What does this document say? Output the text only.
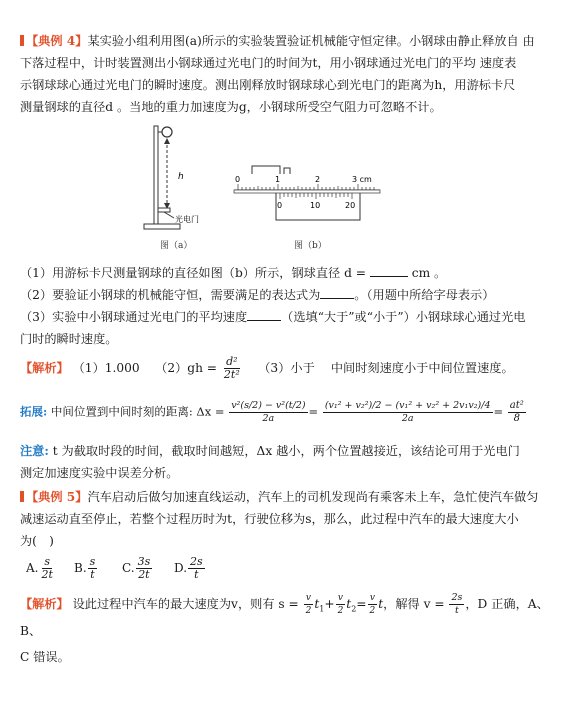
【典例 4】某实验小组利用图(a)所示的实验装置验证机械能守恒定律。小钢球由静止释放自 由
下落过程中，计时装置测出小钢球通过光电门的时间为t，用小钢球通过光电门的平均 速度表
示钢球球心通过光电门的瞬时速度。测出刚释放时钢球球心到光电门的距离为h，用游标卡尺
测量钢球的直径d 。当地的重力加速度为g，小钢球所受空气阻力可忽略不计。
h
光电门
图（a）
0	1	2	3 cm
0	10	20
图（b）
（1）用游标卡尺测量钢球的直径如图（b）所示，钢球直径 d =	cm 。
（2）要验证小钢球的机械能守恒，需要满足的表达式为	。（用题中所给字母表示）
（3）实验中小钢球通过光电门的平均速度	（选填“大于”或“小于”）小钢球球心通过光电
门时的瞬时速度。
【解析】 （1）1.000 $(2)gh = \frac{\text{d²}}{\text{2t²}} (3)$小于　 中间时刻速度小于中间位置速度。
拓展: 中间位置到中间时刻的距离: $\Delta x = \frac{\text{v²(s/2) − v²(t/2)}}{2a} = \frac{\text{(v₁² + v₂²)/2 − (v₁² + v₂² + 2v₁v₂)/4}}{2a} = \frac{\text{at²}}{8}$
注意: t 为截取时段的时间，截取时间越短，Δx 越小，两个位置越接近，该结论可用于光电门
测定加速度实验中误差分析。
【典例 5】汽车启动后做匀加速直线运动，汽车上的司机发现尚有乘客未上车，急忙使汽车做匀
减速运动直至停止，若整个过程历时为t，行驶位移为s，那么，此过程中汽车的最大速度大小
为(　)
A. $\frac{s}{2t} B$. $\frac{s}{t} C$. $\frac{3s}{2t} D$. $\frac{2s}{t}$
【解析】 设此过程中汽车的最大速度为v，则有 $s = \frac{v}{2} t_1+ \frac{v}{2} t_2= \frac{v}{2}$ t，解得 $v = \frac{2s}{t}$ ，D 正确，A、B、
C 错误。
